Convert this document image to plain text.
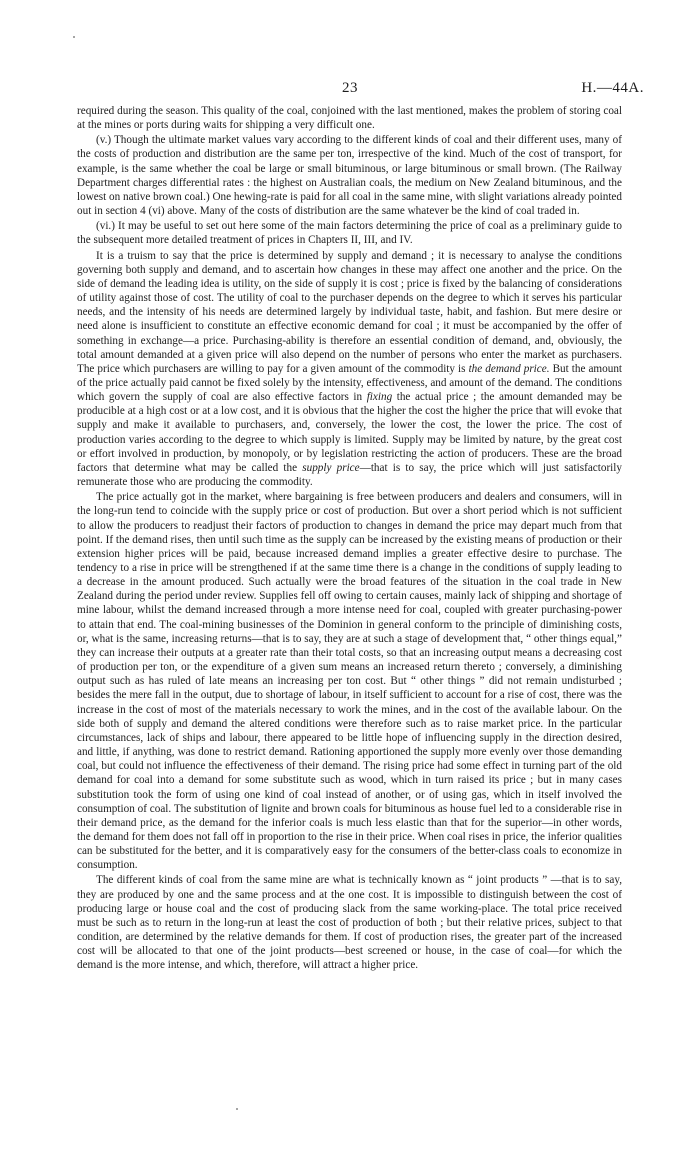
23	H.—44A.

required during the season. This quality of the coal, conjoined with the last mentioned, makes the problem of storing coal at the mines or ports during waits for shipping a very difficult one.

(v.) Though the ultimate market values vary according to the different kinds of coal and their different uses, many of the costs of production and distribution are the same per ton, irrespective of the kind. Much of the cost of transport, for example, is the same whether the coal be large or small bituminous, or large bituminous or small brown. (The Railway Department charges differential rates : the highest on Australian coals, the medium on New Zealand bituminous, and the lowest on native brown coal.) One hewing-rate is paid for all coal in the same mine, with slight variations already pointed out in section 4 (vi) above. Many of the costs of distribution are the same whatever be the kind of coal traded in.

(vi.) It may be useful to set out here some of the main factors determining the price of coal as a preliminary guide to the subsequent more detailed treatment of prices in Chapters II, III, and IV.

It is a truism to say that the price is determined by supply and demand ; it is necessary to analyse the conditions governing both supply and demand, and to ascertain how changes in these may affect one another and the price. On the side of demand the leading idea is utility, on the side of supply it is cost ; price is fixed by the balancing of considerations of utility against those of cost. The utility of coal to the purchaser depends on the degree to which it serves his particular needs, and the intensity of his needs are determined largely by individual taste, habit, and fashion. But mere desire or need alone is insufficient to constitute an effective economic demand for coal ; it must be accompanied by the offer of something in exchange—a price. Purchasing-ability is therefore an essential condition of demand, and, obviously, the total amount demanded at a given price will also depend on the number of persons who enter the market as purchasers. The price which purchasers are willing to pay for a given amount of the commodity is the demand price. But the amount of the price actually paid cannot be fixed solely by the intensity, effectiveness, and amount of the demand. The conditions which govern the supply of coal are also effective factors in fixing the actual price ; the amount demanded may be producible at a high cost or at a low cost, and it is obvious that the higher the cost the higher the price that will evoke that supply and make it available to purchasers, and, conversely, the lower the cost, the lower the price. The cost of production varies according to the degree to which supply is limited. Supply may be limited by nature, by the great cost or effort involved in production, by monopoly, or by legislation restricting the action of producers. These are the broad factors that determine what may be called the supply price—that is to say, the price which will just satisfactorily remunerate those who are producing the commodity.

The price actually got in the market, where bargaining is free between producers and dealers and consumers, will in the long-run tend to coincide with the supply price or cost of production. But over a short period which is not sufficient to allow the producers to readjust their factors of production to changes in demand the price may depart much from that point. If the demand rises, then until such time as the supply can be increased by the existing means of production or their extension higher prices will be paid, because increased demand implies a greater effective desire to purchase. The tendency to a rise in price will be strengthened if at the same time there is a change in the conditions of supply leading to a decrease in the amount produced. Such actually were the broad features of the situation in the coal trade in New Zealand during the period under review. Supplies fell off owing to certain causes, mainly lack of shipping and shortage of mine labour, whilst the demand increased through a more intense need for coal, coupled with greater purchasing-power to attain that end. The coal-mining businesses of the Dominion in general conform to the principle of diminishing costs, or, what is the same, increasing returns—that is to say, they are at such a stage of development that, “ other things equal,” they can increase their outputs at a greater rate than their total costs, so that an increasing output means a decreasing cost of production per ton, or the expenditure of a given sum means an increased return thereto ; conversely, a diminishing output such as has ruled of late means an increasing per ton cost. But “ other things ” did not remain undisturbed ; besides the mere fall in the output, due to shortage of labour, in itself sufficient to account for a rise of cost, there was the increase in the cost of most of the materials necessary to work the mines, and in the cost of the available labour. On the side both of supply and demand the altered conditions were therefore such as to raise market price. In the particular circumstances, lack of ships and labour, there appeared to be little hope of influencing supply in the direction desired, and little, if anything, was done to restrict demand. Rationing apportioned the supply more evenly over those demanding coal, but could not influence the effectiveness of their demand. The rising price had some effect in turning part of the old demand for coal into a demand for some substitute such as wood, which in turn raised its price ; but in many cases substitution took the form of using one kind of coal instead of another, or of using gas, which in itself involved the consumption of coal. The substitution of lignite and brown coals for bituminous as house fuel led to a considerable rise in their demand price, as the demand for the inferior coals is much less elastic than that for the superior—in other words, the demand for them does not fall off in proportion to the rise in their price. When coal rises in price, the inferior qualities can be substituted for the better, and it is comparatively easy for the consumers of the better-class coals to economize in consumption.

The different kinds of coal from the same mine are what is technically known as “ joint products ” —that is to say, they are produced by one and the same process and at the one cost. It is impossible to distinguish between the cost of producing large or house coal and the cost of producing slack from the same working-place. The total price received must be such as to return in the long-run at least the cost of production of both ; but their relative prices, subject to that condition, are determined by the relative demands for them. If cost of production rises, the greater part of the increased cost will be allocated to that one of the joint products—best screened or house, in the case of coal—for which the demand is the more intense, and which, therefore, will attract a higher price.
